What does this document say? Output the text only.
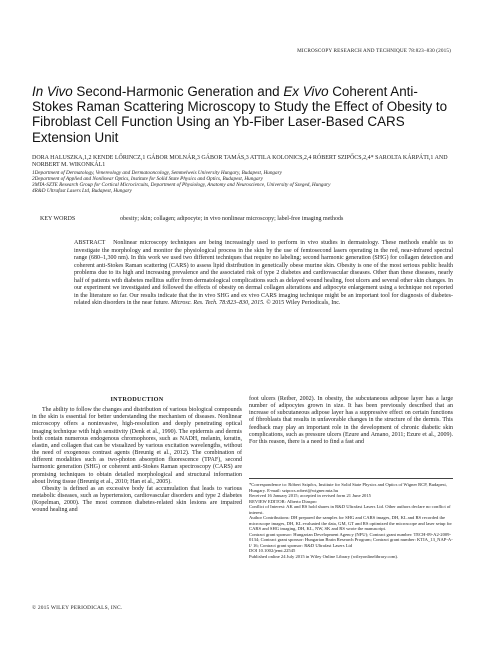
MICROSCOPY RESEARCH AND TECHNIQUE 78:823–830 (2015)
In Vivo Second-Harmonic Generation and Ex Vivo Coherent Anti-Stokes Raman Scattering Microscopy to Study the Effect of Obesity to Fibroblast Cell Function Using an Yb-Fiber Laser-Based CARS Extension Unit
DORA HALUSZKA,1,2 KENDE LŐRINCZ,1 GÁBOR MOLNÁR,3 GÁBOR TAMÁS,3 ATTILA KOLONICS,2,4 RÓBERT SZIPŐCS,2,4* SAROLTA KÁRPÁTI,1 AND NORBERT M. WIKONKÁL1
1Department of Dermatology, Venereology and Dermatooncology, Semmelweis University Hungary, Budapest, Hungary
2Department of Applied and Nonlinear Optics, Institute for Solid State Physics and Optics, Budapest, Hungary
3MTA-SZTE Research Group for Cortical Microcircuits, Department of Physiology, Anatomy and Neuroscience, University of Szeged, Hungary
4R&D Ultrafast Lasers Ltd, Budapest, Hungary
KEY WORDS	obesity; skin; collagen; adipocyte; in vivo nonlinear microscopy; label-free imaging methods
ABSTRACT Nonlinear microscopy techniques are being increasingly used to perform in vivo studies in dermatology. These methods enable us to investigate the morphology and monitor the physiological process in the skin by the use of femtosecond lasers operating in the red, near-infrared spectral range (680–1,300 nm). In this work we used two different techniques that require no labeling; second harmonic generation (SHG) for collagen detection and coherent anti-Stokes Raman scattering (CARS) to assess lipid distribution in genetically obese murine skin. Obesity is one of the most serious public health problems due to its high and increasing prevalence and the associated risk of type 2 diabetes and cardiovascular diseases. Other than these diseases, nearly half of patients with diabetes mellitus suffer from dermatological complications such as delayed wound healing, foot ulcers and several other skin changes. In our experiment we investigated and followed the effects of obesity on dermal collagen alterations and adipocyte enlargement using a technique not reported in the literature so far. Our results indicate that the in vivo SHG and ex vivo CARS imaging technique might be an important tool for diagnosis of diabetes-related skin disorders in the near future. Microsc. Res. Tech. 78:823–830, 2015. © 2015 Wiley Periodicals, Inc.
INTRODUCTION

The ability to follow the changes and distribution of various biological compounds in the skin is essential for better understanding the mechanism of diseases. Nonlinear microscopy offers a noninvasive, high-resolution and deeply penetrating optical imaging technique with high sensitivity (Denk et al., 1990). The epidermis and dermis both contain numerous endogenous chromophores, such as NADH, melanin, keratin, elastin, and collagen that can be visualized by various excitation wavelengths, without the need of exogenous contrast agents (Breunig et al., 2012). The combination of different modalities such as two-photon absorption fluorescence (TPAF), second harmonic generation (SHG) or coherent anti-Stokes Raman spectroscopy (CARS) are promising techniques to obtain detailed morphological and structural information about living tissue (Breunig et al., 2010; Han et al., 2005).

Obesity is defined as an excessive body fat accumulation that leads to various metabolic diseases, such as hypertension, cardiovascular disorders and type 2 diabetes (Kopelman, 2000). The most common diabetes-related skin lesions are impaired wound healing and

foot ulcers (Reiber, 2002). In obesity, the subcutaneous adipose layer has a large number of adipocytes grown in size. It has been previously described that an increase of subcutaneous adipose layer has a suppressive effect on certain functions of fibroblasts that results in unfavorable changes in the structure of the dermis. This feedback may play an important role in the development of chronic diabetic skin complications, such as pressure ulcers (Ezure and Amano, 2011; Ezure et al., 2009). For this reason, there is a need to find a fast and

*Correspondence to: Róbert Szipőcs, Institute for Solid State Physics and Optics of Wigner RCP, Budapest, Hungary. E-mail: szipocs.robert@wigner.mta.hu
Received 16 January 2015; accepted in revised form 21 June 2015
REVIEW EDITOR: Alberto Diaspro
Conflict of Interest: AK and RS hold shares in R&D Ultrafast Lasers Ltd. Other authors declare no conflict of interest.
Author Contributions: DH prepared the samples for SHG and CARS images, DH, KL and RS recorded the microscope images, DH, KL evaluated the data, GM, GT and RS optimized the microscope and laser setup for CARS and SHG imaging, DH, KL, NW, SK and RS wrote the manuscript.
Contract grant sponsor: Hungarian Development Agency (NFU); Contract grant number: TECH-09-A2-2009-0134; Contract grant sponsor: Hungarian Brain Research Program; Contract grant number: KTIA_13_NAP-A-I/ 16; Contract grant sponsor: R&D Ultrafast Lasers Ltd
DOI 10.1002/jemt.22545
Published online 24 July 2015 in Wiley Online Library (wileyonlinelibrary.com).
© 2015 WILEY PERIODICALS, INC.
